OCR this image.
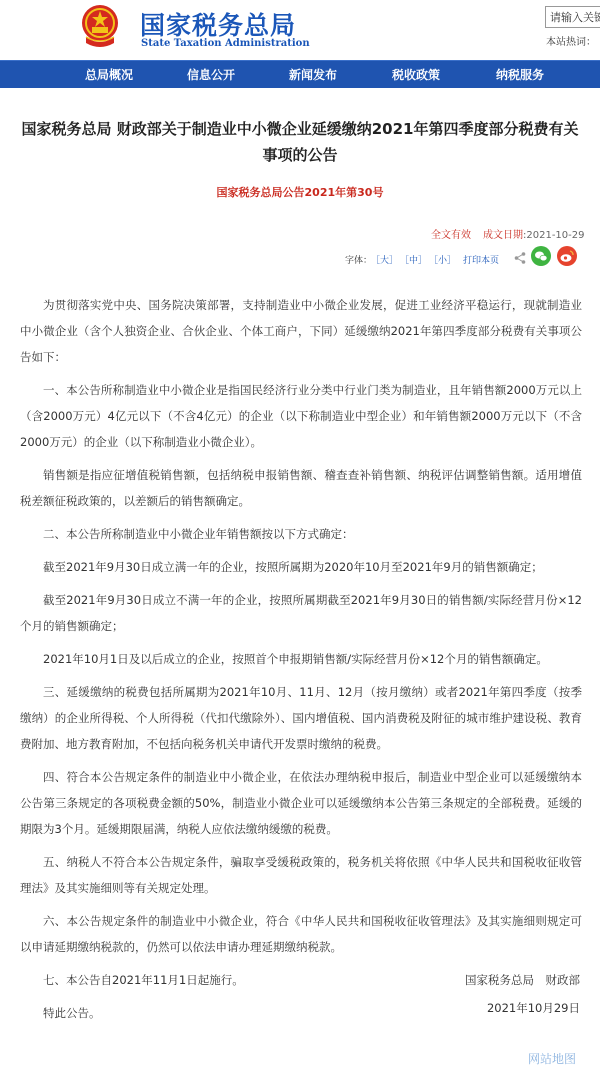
国家税务总局
State Taxation Administration
请输入关键	本站热词：
总局概况	信息公开	新闻发布	税收政策	纳税服务
国家税务总局 财政部关于制造业中小微企业延缓缴纳2021年第四季度部分税费有关事项的公告
国家税务总局公告2021年第30号
全文有效 成文日期:2021-10-29
字体：
［大］ ［中］ ［小］ 打印本页

为贯彻落实党中央、国务院决策部署，支持制造业中小微企业发展，促进工业经济平稳运行，现就制造业中小微企业（含个人独资企业、合伙企业、个体工商户，下同）延缓缴纳2021年第四季度部分税费有关事项公告如下：

一、本公告所称制造业中小微企业是指国民经济行业分类中行业门类为制造业，且年销售额2000万元以上（含2000万元）4亿元以下（不含4亿元）的企业（以下称制造业中型企业）和年销售额2000万元以下（不含2000万元）的企业（以下称制造业小微企业）。

销售额是指应征增值税销售额，包括纳税申报销售额、稽查查补销售额、纳税评估调整销售额。适用增值税差额征税政策的，以差额后的销售额确定。

二、本公告所称制造业中小微企业年销售额按以下方式确定：

截至2021年9月30日成立满一年的企业，按照所属期为2020年10月至2021年9月的销售额确定；

截至2021年9月30日成立不满一年的企业，按照所属期截至2021年9月30日的销售额/实际经营月份×12个月的销售额确定；

2021年10月1日及以后成立的企业，按照首个申报期销售额/实际经营月份×12个月的销售额确定。

三、延缓缴纳的税费包括所属期为2021年10月、11月、12月（按月缴纳）或者2021年第四季度（按季缴纳）的企业所得税、个人所得税（代扣代缴除外）、国内增值税、国内消费税及附征的城市维护建设税、教育费附加、地方教育附加，不包括向税务机关申请代开发票时缴纳的税费。

四、符合本公告规定条件的制造业中小微企业，在依法办理纳税申报后，制造业中型企业可以延缓缴纳本公告第三条规定的各项税费金额的50%，制造业小微企业可以延缓缴纳本公告第三条规定的全部税费。延缓的期限为3个月。延缓期限届满，纳税人应依法缴纳缓缴的税费。

五、纳税人不符合本公告规定条件，骗取享受缓税政策的，税务机关将依照《中华人民共和国税收征收管理法》及其实施细则等有关规定处理。

六、本公告规定条件的制造业中小微企业，符合《中华人民共和国税收征收管理法》及其实施细则规定可以申请延期缴纳税款的，仍然可以依法申请办理延期缴纳税款。

七、本公告自2021年11月1日起施行。

特此公告。

国家税务总局　财政部
2021年10月29日
网站地图
